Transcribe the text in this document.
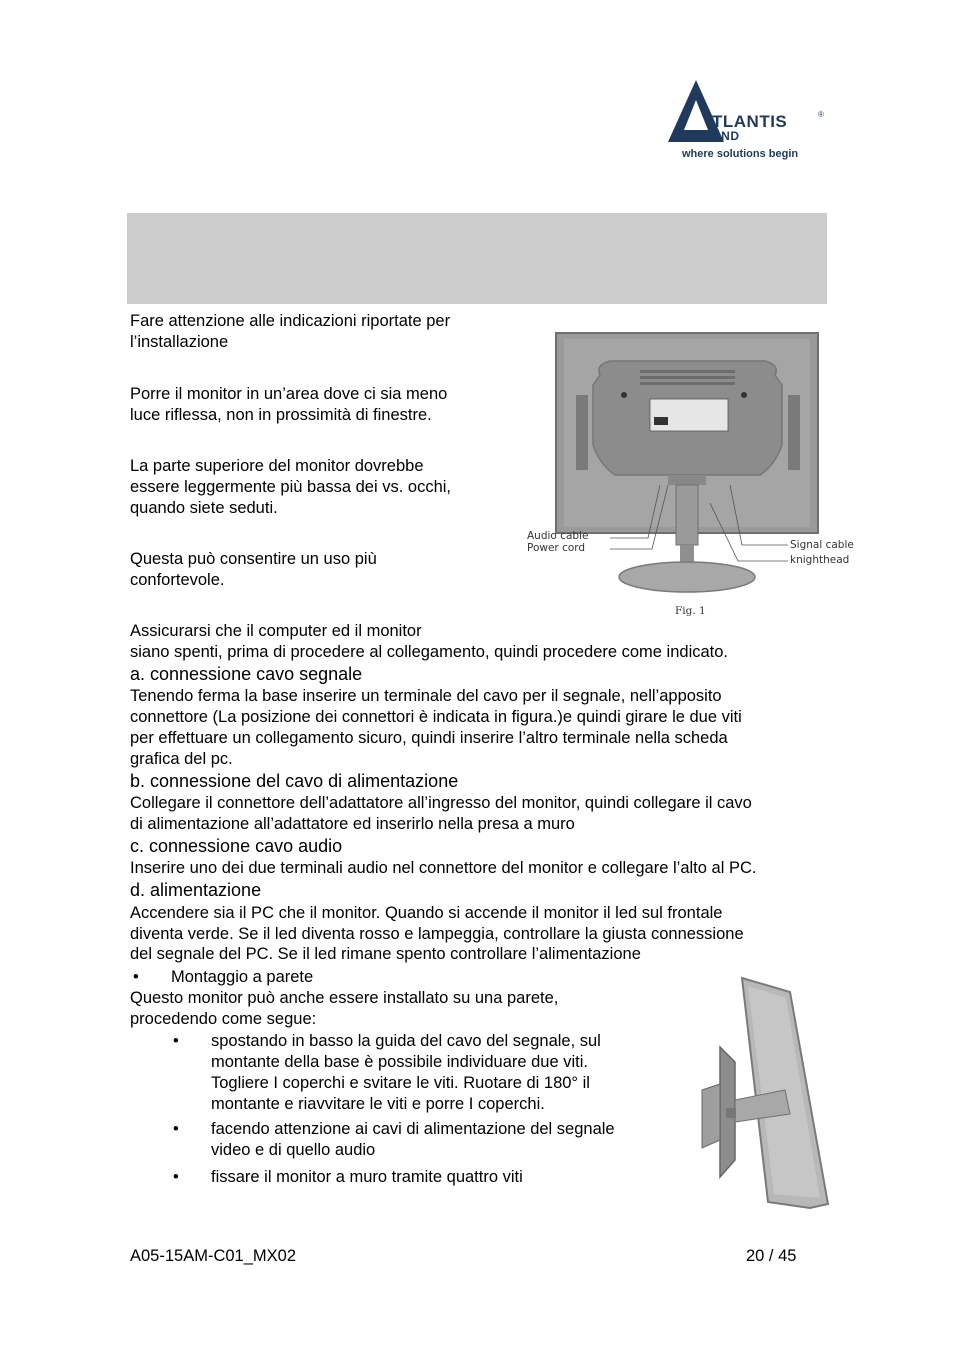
TLANTIS	®
AND
where solutions begin
Fare attenzione alle indicazioni riportate per
l’installazione
Porre il monitor in un’area dove ci sia meno
luce riflessa, non in prossimità di finestre.
La parte superiore del monitor dovrebbe
essere leggermente più bassa dei vs. occhi,
quando siete seduti.
Questa può consentire un uso più
confortevole.
Assicurarsi che il computer ed il monitor
siano spenti, prima di procedere al collegamento, quindi procedere come indicato.
Audio cable
Power cord	Signal cable
knighthead
Fig. 1
a. connessione cavo segnale
Tenendo ferma la base inserire un terminale del cavo per il segnale, nell’apposito
connettore (La posizione dei connettori è indicata in figura.)e quindi girare le due viti
per effettuare un collegamento sicuro, quindi inserire l’altro terminale nella scheda
grafica del pc.
b. connessione del cavo di alimentazione
Collegare il connettore dell’adattatore all’ingresso del monitor, quindi collegare il cavo
di alimentazione all’adattatore ed inserirlo nella presa a muro
c. connessione cavo audio
Inserire uno dei due terminali audio nel connettore del monitor e collegare l’alto al PC.
d. alimentazione
Accendere sia il PC che il monitor. Quando si accende il monitor il led sul frontale
diventa verde. Se il led diventa rosso e lampeggia, controllare la giusta connessione
del segnale del PC. Se il led rimane spento controllare l’alimentazione
• Montaggio a parete
Questo monitor può anche essere installato su una parete,
procedendo come segue:
• spostando in basso la guida del cavo del segnale, sul
montante della base è possibile individuare due viti.
Togliere I coperchi e svitare le viti. Ruotare di 180° il
montante e riavvitare le viti e porre I coperchi.
• facendo attenzione ai cavi di alimentazione del segnale
video e di quello audio
• fissare il monitor a muro tramite quattro viti
A05-15AM-C01_MX02	20 / 45
